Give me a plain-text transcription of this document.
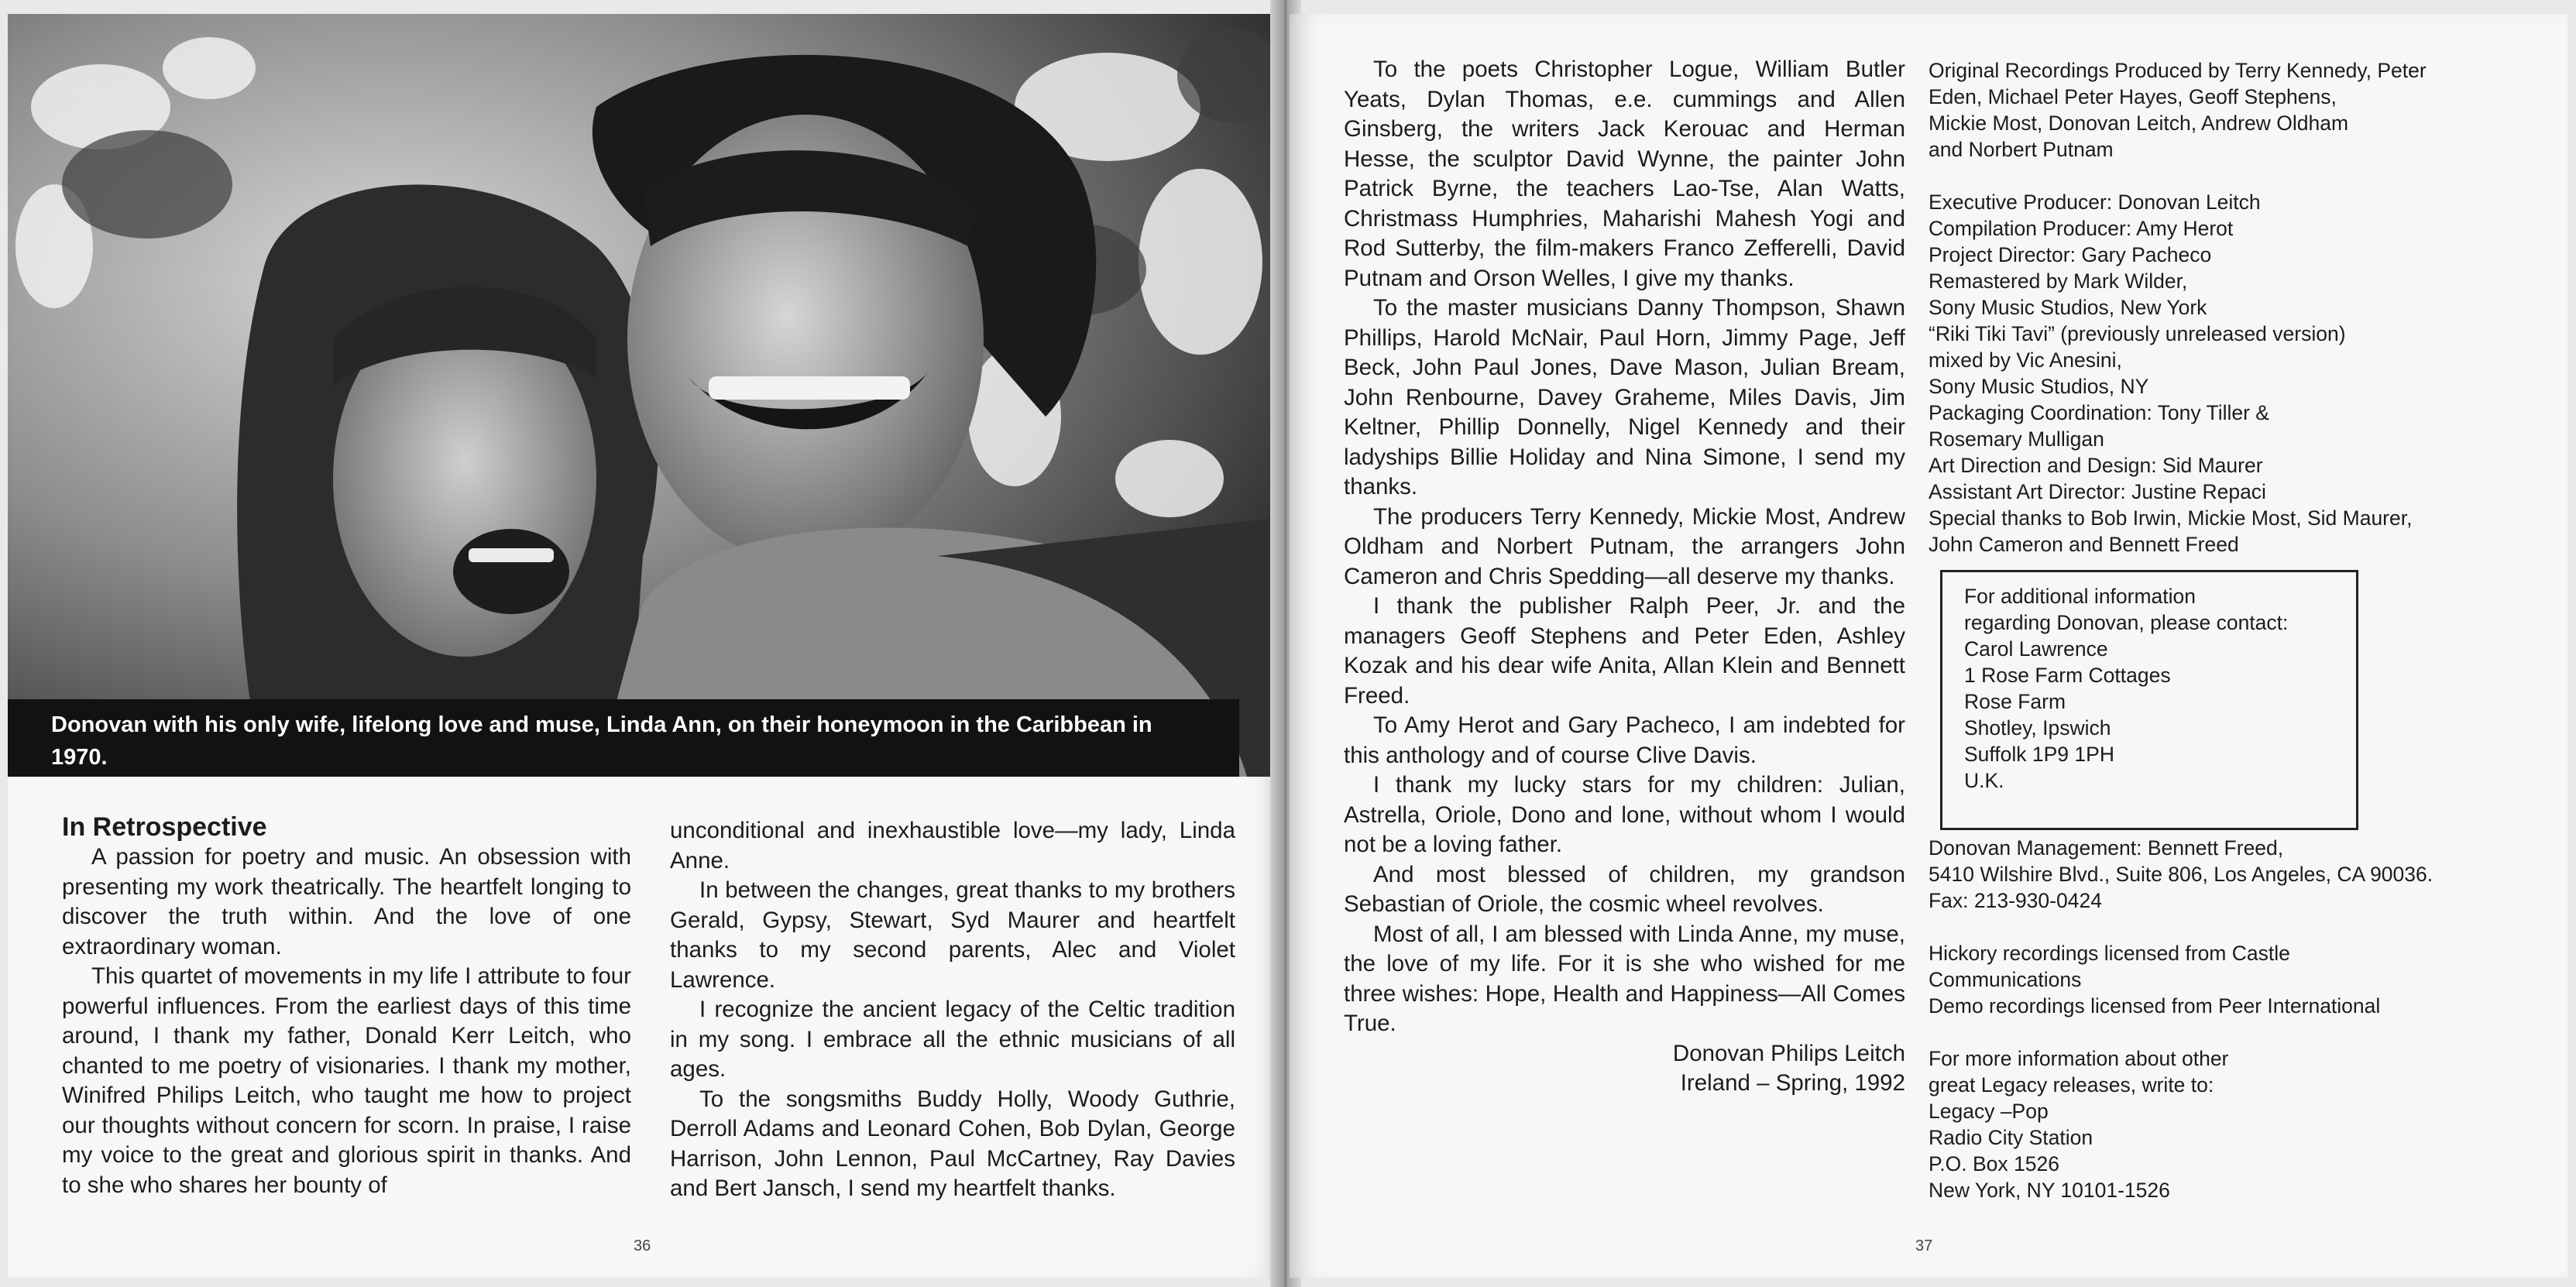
Donovan with his only wife, lifelong love and muse, Linda Ann, on their honeymoon in the Caribbean in 1970.
In Retrospective

A passion for poetry and music. An obsession with presenting my work theatrically. The heartfelt longing to discover the truth within. And the love of one extraordinary woman.

This quartet of movements in my life I attribute to four powerful influences. From the earliest days of this time around, I thank my father, Donald Kerr Leitch, who chanted to me poetry of visionaries. I thank my mother, Winifred Philips Leitch, who taught me how to project our thoughts without concern for scorn. In praise, I raise my voice to the great and glorious spirit in thanks. And to she who shares her bounty of

unconditional and inexhaustible love—my lady, Linda Anne.

In between the changes, great thanks to my brothers Gerald, Gypsy, Stewart, Syd Maurer and heartfelt thanks to my second parents, Alec and Violet Lawrence.

I recognize the ancient legacy of the Celtic tradition in my song. I embrace all the ethnic musicians of all ages.

To the songsmiths Buddy Holly, Woody Guthrie, Derroll Adams and Leonard Cohen, Bob Dylan, George Harrison, John Lennon, Paul McCartney, Ray Davies and Bert Jansch, I send my heartfelt thanks.

36

To the poets Christopher Logue, William Butler Yeats, Dylan Thomas, e.e. cummings and Allen Ginsberg, the writers Jack Kerouac and Herman Hesse, the sculptor David Wynne, the painter John Patrick Byrne, the teachers Lao-Tse, Alan Watts, Christmass Humphries, Maharishi Mahesh Yogi and Rod Sutterby, the film-makers Franco Zefferelli, David Putnam and Orson Welles, I give my thanks.

To the master musicians Danny Thompson, Shawn Phillips, Harold McNair, Paul Horn, Jimmy Page, Jeff Beck, John Paul Jones, Dave Mason, Julian Bream, John Renbourne, Davey Graheme, Miles Davis, Jim Keltner, Phillip Donnelly, Nigel Kennedy and their ladyships Billie Holiday and Nina Simone, I send my thanks.

The producers Terry Kennedy, Mickie Most, Andrew Oldham and Norbert Putnam, the arrangers John Cameron and Chris Spedding—all deserve my thanks.

I thank the publisher Ralph Peer, Jr. and the managers Geoff Stephens and Peter Eden, Ashley Kozak and his dear wife Anita, Allan Klein and Bennett Freed.

To Amy Herot and Gary Pacheco, I am indebted for this anthology and of course Clive Davis.

I thank my lucky stars for my children: Julian, Astrella, Oriole, Dono and lone, without whom I would not be a loving father.

And most blessed of children, my grandson Sebastian of Oriole, the cosmic wheel revolves.

Most of all, I am blessed with Linda Anne, my muse, the love of my life. For it is she who wished for me three wishes: Hope, Health and Happiness—All Comes True.

Donovan Philips Leitch
Ireland – Spring, 1992
Original Recordings Produced by Terry Kennedy, Peter
Eden, Michael Peter Hayes, Geoff Stephens,
Mickie Most, Donovan Leitch, Andrew Oldham
and Norbert Putnam
Executive Producer: Donovan Leitch
Compilation Producer: Amy Herot
Project Director: Gary Pacheco
Remastered by Mark Wilder,
Sony Music Studios, New York
“Riki Tiki Tavi” (previously unreleased version)
mixed by Vic Anesini,
Sony Music Studios, NY
Packaging Coordination: Tony Tiller &
Rosemary Mulligan
Art Direction and Design: Sid Maurer
Assistant Art Director: Justine Repaci
Special thanks to Bob Irwin, Mickie Most, Sid Maurer,
John Cameron and Bennett Freed
For additional information
regarding Donovan, please contact:
Carol Lawrence
1 Rose Farm Cottages
Rose Farm
Shotley, Ipswich
Suffolk 1P9 1PH
U.K.
Donovan Management: Bennett Freed,
5410 Wilshire Blvd., Suite 806, Los Angeles, CA 90036.
Fax: 213-930-0424
Hickory recordings licensed from Castle
Communications
Demo recordings licensed from Peer International
For more information about other
great Legacy releases, write to:
Legacy –Pop
Radio City Station
P.O. Box 1526
New York, NY 10101-1526
37
